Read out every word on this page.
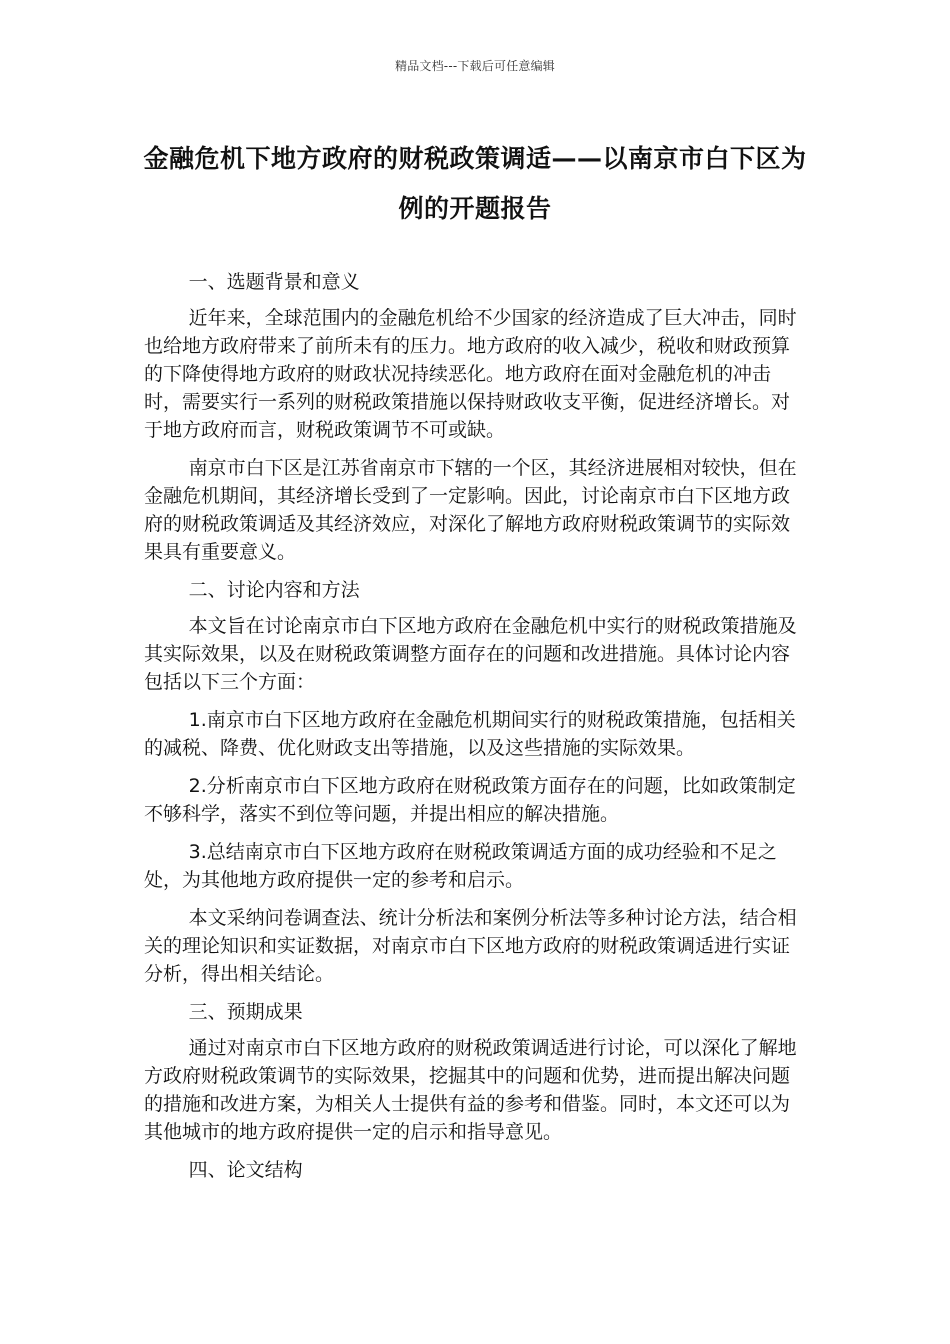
精品文档---下载后可任意编辑
金融危机下地方政府的财税政策调适——以南京市白下区为例的开题报告

一、选题背景和意义

近年来，全球范围内的金融危机给不少国家的经济造成了巨大冲击，同时也给地方政府带来了前所未有的压力。地方政府的收入减少，税收和财政预算的下降使得地方政府的财政状况持续恶化。地方政府在面对金融危机的冲击时，需要实行一系列的财税政策措施以保持财政收支平衡，促进经济增长。对于地方政府而言，财税政策调节不可或缺。

南京市白下区是江苏省南京市下辖的一个区，其经济进展相对较快，但在金融危机期间，其经济增长受到了一定影响。因此，讨论南京市白下区地方政府的财税政策调适及其经济效应，对深化了解地方政府财税政策调节的实际效果具有重要意义。

二、讨论内容和方法

本文旨在讨论南京市白下区地方政府在金融危机中实行的财税政策措施及其实际效果，以及在财税政策调整方面存在的问题和改进措施。具体讨论内容包括以下三个方面：

1.南京市白下区地方政府在金融危机期间实行的财税政策措施，包括相关的减税、降费、优化财政支出等措施，以及这些措施的实际效果。

2.分析南京市白下区地方政府在财税政策方面存在的问题，比如政策制定不够科学，落实不到位等问题，并提出相应的解决措施。

3.总结南京市白下区地方政府在财税政策调适方面的成功经验和不足之处，为其他地方政府提供一定的参考和启示。

本文采纳问卷调查法、统计分析法和案例分析法等多种讨论方法，结合相关的理论知识和实证数据，对南京市白下区地方政府的财税政策调适进行实证分析，得出相关结论。

三、预期成果

通过对南京市白下区地方政府的财税政策调适进行讨论，可以深化了解地方政府财税政策调节的实际效果，挖掘其中的问题和优势，进而提出解决问题的措施和改进方案，为相关人士提供有益的参考和借鉴。同时，本文还可以为其他城市的地方政府提供一定的启示和指导意见。

四、论文结构
